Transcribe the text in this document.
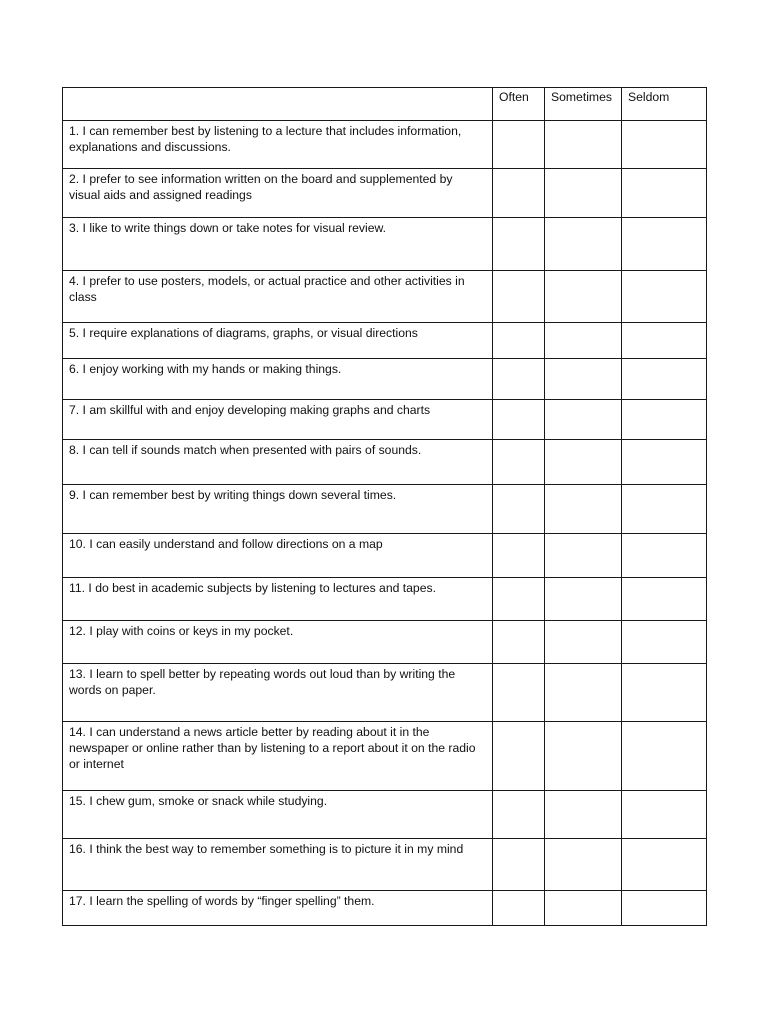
	Often	Sometimes	Seldom

1. I can remember best by listening to a lecture that includes information, explanations and discussions.			

2. I prefer to see information written on the board and supplemented by visual aids and assigned readings			

3. I like to write things down or take notes for visual review.			

4. I prefer to use posters, models, or actual practice and other activities in class			

5. I require explanations of diagrams, graphs, or visual directions			

6. I enjoy working with my hands or making things.			

7. I am skillful with and enjoy developing making graphs and charts			

8. I can tell if sounds match when presented with pairs of sounds.			

9. I can remember best by writing things down several times.			

10. I can easily understand and follow directions on a map			

11. I do best in academic subjects by listening to lectures and tapes.			

12. I play with coins or keys in my pocket.			

13. I learn to spell better by repeating words out loud than by writing the words on paper.			

14. I can understand a news article better by reading about it in the newspaper or online rather than by listening to a report about it on the radio or internet			

15. I chew gum, smoke or snack while studying.			

16. I think the best way to remember something is to picture it in my mind			

17. I learn the spelling of words by “finger spelling” them.			
